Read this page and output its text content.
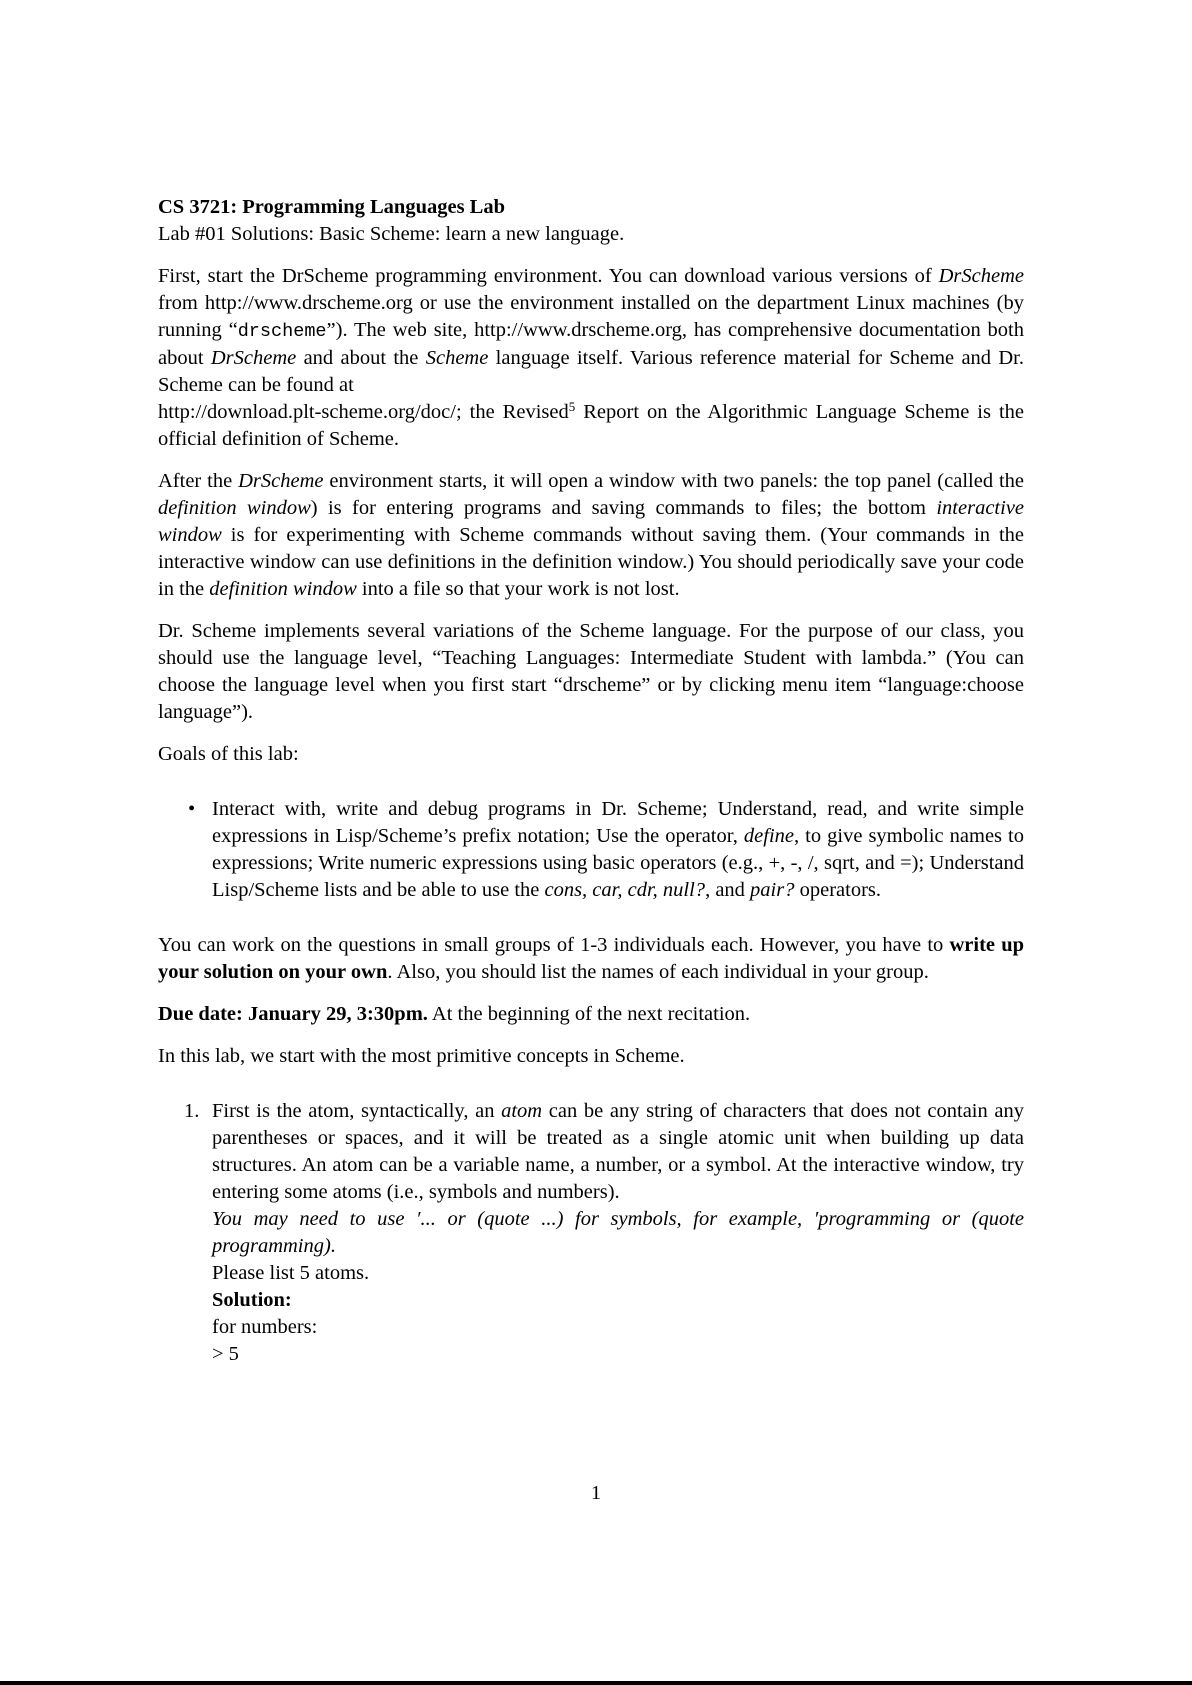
CS 3721: Programming Languages Lab
Lab #01 Solutions: Basic Scheme: learn a new language.

First, start the DrScheme programming environment. You can download various versions of DrScheme from http://www.drscheme.org or use the environment installed on the department Linux machines (by running “drscheme”). The web site, http://www.drscheme.org, has comprehensive documentation both about DrScheme and about the Scheme language itself. Various reference material for Scheme and Dr. Scheme can be found at
http://download.plt-scheme.org/doc/; the Revised$^5$ Report on the Algorithmic Language Scheme is the official definition of Scheme.

After the DrScheme environment starts, it will open a window with two panels: the top panel (called the definition window) is for entering programs and saving commands to files; the bottom interactive window is for experimenting with Scheme commands without saving them. (Your commands in the interactive window can use definitions in the definition window.) You should periodically save your code in the definition window into a file so that your work is not lost.

Dr. Scheme implements several variations of the Scheme language. For the purpose of our class, you should use the language level, “Teaching Languages: Intermediate Student with lambda.” (You can choose the language level when you first start “drscheme” or by clicking menu item “language:choose language”).

Goals of this lab:

• Interact with, write and debug programs in Dr. Scheme; Understand, read, and write simple expressions in Lisp/Scheme’s prefix notation; Use the operator, define, to give symbolic names to expressions; Write numeric expressions using basic operators (e.g., +, -, /, sqrt, and =); Understand Lisp/Scheme lists and be able to use the cons, car, cdr, null?, and pair? operators.

You can work on the questions in small groups of 1-3 individuals each. However, you have to write up your solution on your own. Also, you should list the names of each individual in your group.

Due date: January 29, 3:30pm. At the beginning of the next recitation.

In this lab, we start with the most primitive concepts in Scheme.

1. First is the atom, syntactically, an atom can be any string of characters that does not contain any parentheses or spaces, and it will be treated as a single atomic unit when building up data structures. An atom can be a variable name, a number, or a symbol. At the interactive window, try entering some atoms (i.e., symbols and numbers).
You may need to use ′... or (quote ...) for symbols, for example, ′programming or (quote programming).
Please list 5 atoms.
Solution:
for numbers:
> 5
1
